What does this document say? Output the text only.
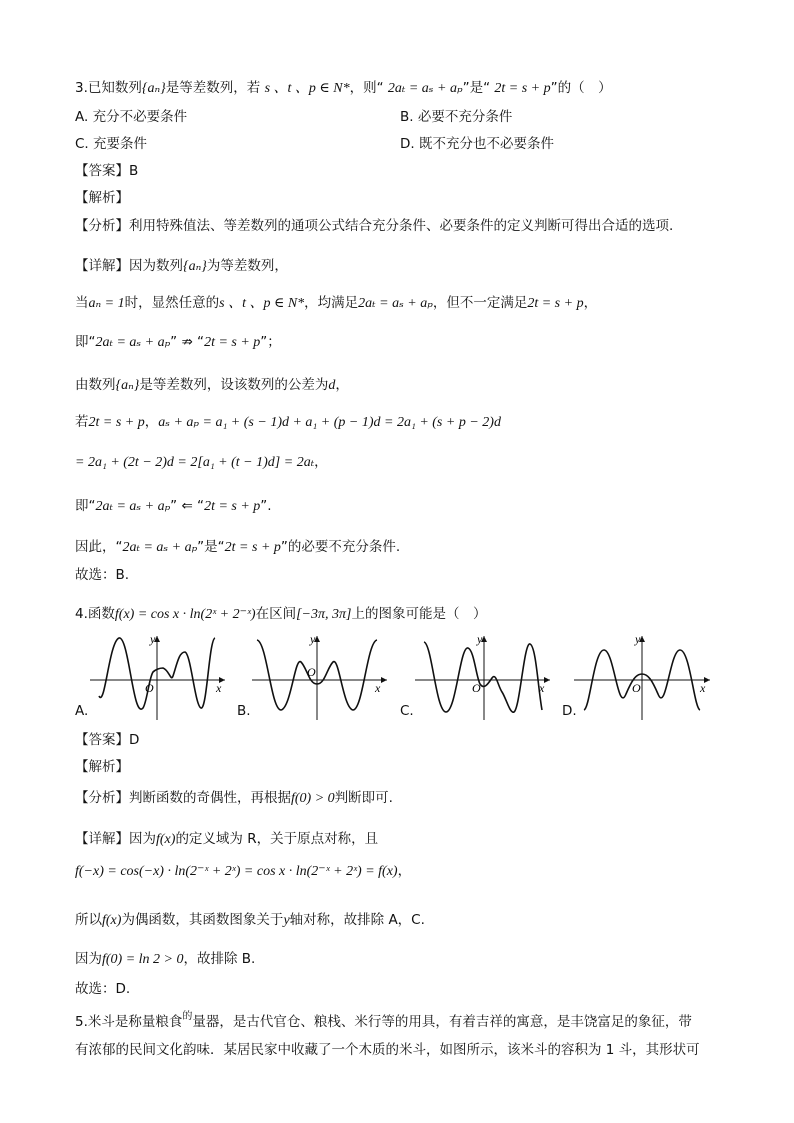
3.已知数列{aₙ}是等差数列，若 s 、t 、p ∈ N*，则“ 2aₜ = aₛ + aₚ”是“ 2t = s + p”的（　）
A. 充分不必要条件	B. 必要不充分条件
C. 充要条件	D. 既不充分也不必要条件
【答案】B
【解析】
【分析】利用特殊值法、等差数列的通项公式结合充分条件、必要条件的定义判断可得出合适的选项.
【详解】因为数列{aₙ}为等差数列，
当aₙ = 1时，显然任意的s 、t 、p ∈ N*，均满足2aₜ = aₛ + aₚ，但不一定满足2t = s + p，
即“2aₜ = aₛ + aₚ” ⇏ “2t = s + p”；
由数列{aₙ}是等差数列，设该数列的公差为d，
若2t = s + p，aₛ + aₚ = a₁ + (s − 1)d + a₁ + (p − 1)d = 2a₁ + (s + p − 2)d
= 2a₁ + (2t − 2)d = 2[a₁ + (t − 1)d] = 2aₜ，
即“2aₜ = aₛ + aₚ” ⇐ “2t = s + p”.
因此，“2aₜ = aₛ + aₚ”是“2t = s + p”的必要不充分条件.
故选：B.
4.函数f(x) = cos x · ln(2ˣ + 2⁻ˣ)在区间[−3π, 3π]上的图象可能是（　）
y
x
O
A.
y
x
O
B.
y
x
O
C.
y
x
O
D.
【答案】D
【解析】
【分析】判断函数的奇偶性，再根据f(0) > 0判断即可.
【详解】因为f(x)的定义域为 R，关于原点对称，且
f(−x) = cos(−x) · ln(2⁻ˣ + 2ˣ) = cos x · ln(2⁻ˣ + 2ˣ) = f(x)，
所以f(x)为偶函数，其函数图象关于y轴对称，故排除 A，C.
因为f(0) = ln 2 > 0，故排除 B.
故选：D.
5.米斗是称量粮食$^的$量器，是古代官仓、粮栈、米行等的用具，有着吉祥的寓意，是丰饶富足的象征，带
有浓郁的民间文化韵味．某居民家中收藏了一个木质的米斗，如图所示，该米斗的容积为 1 斗，其形状可
